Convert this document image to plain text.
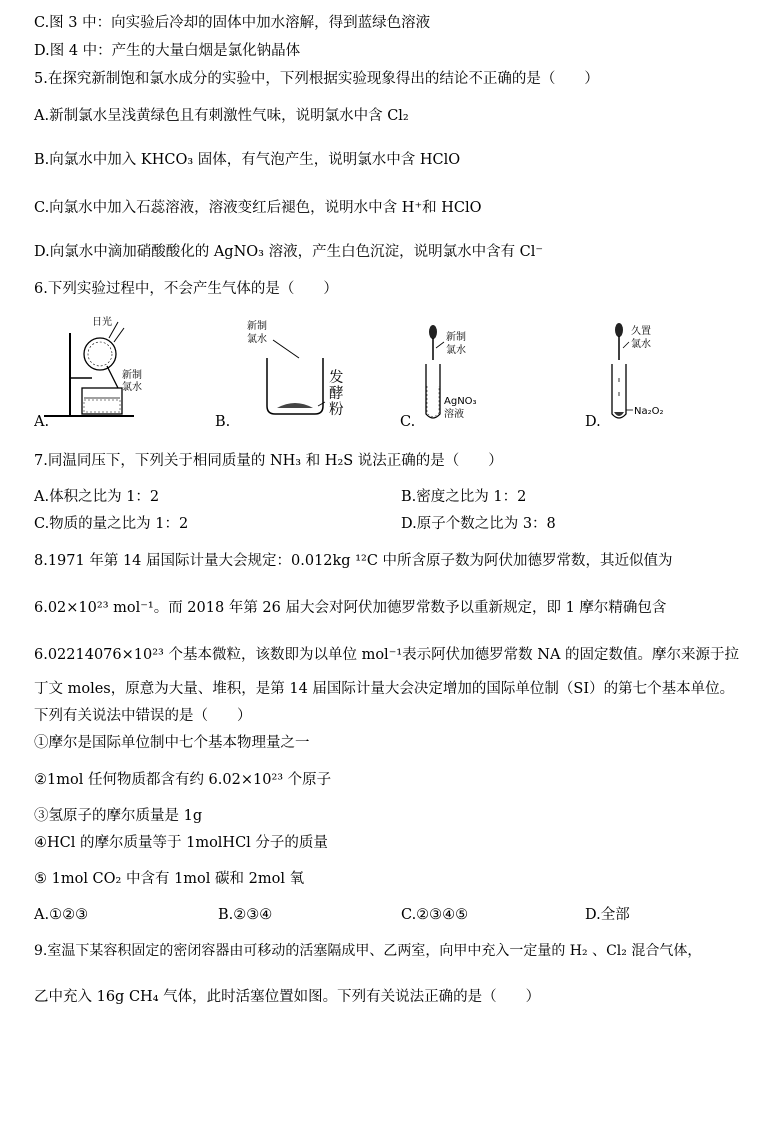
C.图 3 中：向实验后冷却的固体中加水溶解，得到蓝绿色溶液
D.图 4 中：产生的大量白烟是氯化钠晶体
5.在探究新制饱和氯水成分的实验中，下列根据实验现象得出的结论不正确的是（　　）
A.新制氯水呈浅黄绿色且有刺激性气味，说明氯水中含 Cl₂
B.向氯水中加入 KHCO₃ 固体，有气泡产生，说明氯水中含 HClO
C.向氯水中加入石蕊溶液，溶液变红后褪色，说明水中含 H⁺和 HClO
D.向氯水中滴加硝酸酸化的 AgNO₃ 溶液，产生白色沉淀，说明氯水中含有 Cl⁻
6.下列实验过程中，不会产生气体的是（　　）
日光
新制
氯水
A.
新制
氯水
发
酵
粉
B.
新制
氯水
AgNO₃
溶液
C.
久置
氯水
Na₂O₂
D.
7.同温同压下，下列关于相同质量的 NH₃ 和 H₂S 说法正确的是（　　）
A.体积之比为 1：2	B.密度之比为 1：2
C.物质的量之比为 1：2	D.原子个数之比为 3：8
8.1971 年第 14 届国际计量大会规定：0.012kg ¹²C 中所含原子数为阿伏加德罗常数，其近似值为
6.02×10²³ mol⁻¹。而 2018 年第 26 届大会对阿伏加德罗常数予以重新规定，即 1 摩尔精确包含
6.02214076×10²³ 个基本微粒，该数即为以单位 mol⁻¹表示阿伏加德罗常数 NA 的固定数值。摩尔来源于拉
丁文 moles，原意为大量、堆积，是第 14 届国际计量大会决定增加的国际单位制（SI）的第七个基本单位。
下列有关说法中错误的是（　　）
①摩尔是国际单位制中七个基本物理量之一
②1mol 任何物质都含有约 6.02×10²³ 个原子
③氢原子的摩尔质量是 1g
④HCl 的摩尔质量等于 1molHCl 分子的质量
⑤ 1mol CO₂ 中含有 1mol 碳和 2mol 氧
A.①②③	B.②③④	C.②③④⑤	D.全部
9.室温下某容积固定的密闭容器由可移动的活塞隔成甲、乙两室，向甲中充入一定量的 H₂ 、Cl₂ 混合气体，
乙中充入 16g CH₄ 气体，此时活塞位置如图。下列有关说法正确的是（　　）
